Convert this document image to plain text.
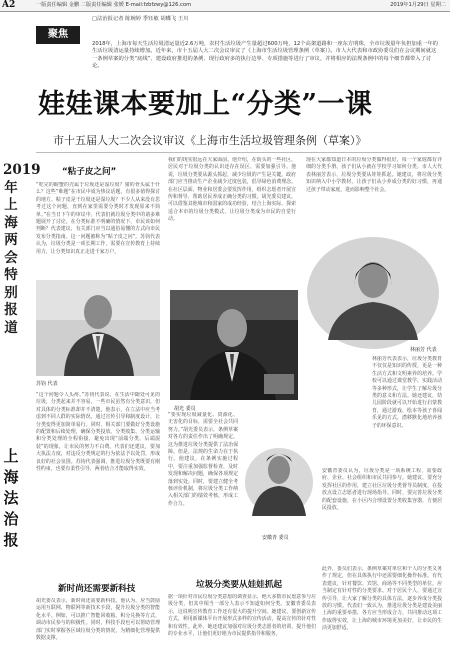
A2	一版责任编辑 金鹏 二版责任编辑 张媛 E-mail:fzbfzwy@126.com	2019年1月29日 星期二
2019年上海两会特别报道
上海法治报
聚焦
□法治报记者 陈婉婷 季钰敏 胡蝶飞 王川
2018年，上海市每天生活垃圾清运量近2.6万吨，农村生活垃圾产生量超过600万吨，12个高架道路和一座东方明珠，全市垃圾量年负担加重一年的生活垃圾清运量持续增加。近年来，市十五届人大二次会议审议了《上海市生活垃圾管理条例（草案）》。市人大代表和市政协委员们在会议期间就这一条例草案的分类“底线”、建设政府推进的条例、现行政府多的执行边界、专项措施等进行了审议，并将相应的法规条例中的每个细节都带入了讨论。
娃娃课本要加上“分类”一课
市十五届人大二次会议审议《上海市生活垃圾管理条例（草案）》
“粘子皮之问”
“吃完的螃蟹的壳属于垃圾还是湿垃圾？猪的骨头属于什么？这些”难题“在市民中成为热议话题，有很多值得探讨的地方。粘子皮是干垃圾还是湿垃圾？不少人从来没有思考过这个问题，直到在家里需要分类时才发现原来不简单。”在当日下午的审议中，代表们就垃圾分类中的诸多难题展开了讨论。在分类标准不明确的情况下，市民该如何判断？代表建议，有关部门应当以通俗易懂的方式向市民发布分类指南。这一问题被称为“粘子皮之问”。苏钧代表认为，垃圾分类是一项长期工作，需要在宣传教育上持续用力，让分类知识真正走进千家万户。
苏钧 代表
“这个问题令人头疼。”苏钧代表说，在生活中随处可见的垃圾，分类起来并不容易，一些市民虽然有分类意识，但对具体的分类标准却并不清楚。他表示，在立法中应当考虑到不同人群的实际情况，通过宣传引导和制度设计，让分类变得更加简单易行。同时，相关部门要做好分类设施的配置和后续处理，确保分类投放、分类收集、分类运输和分类处理的全程衔接，避免出现“前端分类、后端混装”的现象，让市民的努力不白费。代表们还建议，要加大执法力度，对违反分类规定的行为依法予以处罚，形成良好的社会氛围。苏钧代表强调，推进垃圾分类既要有刚性约束，也要有柔性引导，两者结合才能取得实效。
新时尚还需要新科技
胡光委员表示，新时尚还需要新科技。他认为，应当鼓励运用互联网、物联网等新技术手段，提升垃圾分类的智能化水平。例如，可以推广智能回收箱、积分兑换等方式，调动市民参与的积极性。同时，科技手段也可以帮助管理部门实时掌握各区域垃圾分类的情况，为精细化管理提供数据支撑。
我们的现实很远在大家面前。他介绍，在街头的一些社区，居民对于垃圾分类的认识还存在误区，需要加强引导。他说，垃圾分类要从源头抓起，减少垃圾的产生是关键。政府部门应当推动生产企业减少过度包装，倡导绿色消费理念。在社区层面，物业和居委会要发挥作用，组织志愿者开展宣传和督导，帮助居民养成正确分类的习惯。胡光委员建议，可以借鉴其他城市和国家的成功经验，结合上海实际，探索适合本市的垃圾分类模式，让垃圾分类成为市民的自觉行动。
胡光 委员
“要实现垃圾减量化、资源化、无害化的目标，需要全社会共同努力。”胡光委员表示，条例草案对各方的责任作出了明确规定，这为推进垃圾分类提供了法治保障。但是，法规的生命力在于执行。他建议，在条例实施过程中，要注重加强监督检查，及时发现和解决问题，确保各项规定落到实处。同时，要建立健全考核评价机制，将垃圾分类工作纳入相关部门的绩效考核，形成工作合力。
安徽青 委员
垃圾分类要从娃娃抓起
据一项针对市民垃圾分类意愿的调查显示，绝大多数市民愿意参与垃圾分类，但其中相当一部分人表示不知道如何分类。安徽青委员表示，这说明宣传教育工作还有很大的提升空间。她建议，要创新宣传方式，利用新媒体平台开展形式多样的宣传活动，提高宣传的针对性和有效性。此外，她还建议加强对垃圾分类志愿者的培训，提升他们的专业水平，让他们更好地为市民提供指导和服务。
现在大家都知道日本的垃圾分类做得很好，每一个家庭都有详细的分类手册，孩子们从小就在学校学习如何分类。市人大代表林丽芳表示，垃圾分类要从娃娃抓起。她建议，将垃圾分类知识纳入中小学教材，让孩子们从小养成分类的好习惯，再通过孩子带动家庭，进而影响整个社会。
林丽芳 代表
林丽芳代表表示，垃圾分类教育不仅仅是知识的传授，更是一种生活方式和文明素养的培养。学校可以通过课堂教学、实践活动等多种形式，让学生了解垃圾分类的意义和方法。她还建议，幼儿园阶段就可以开始进行启蒙教育，通过游戏、绘本等孩子喜闻乐见的方式，潜移默化地培养孩子的环保意识。
安徽青委员认为，垃圾分类是一项系统工程，需要政府、企业、社会组织和市民共同参与。她建议，要充分发挥社区的作用，建立社区垃圾分类督导员制度，在投放点设立志愿者进行现场指导。同时，要完善垃圾分类的配套设施，在小区内合理设置分类收集容器，方便居民投放。
此外，委员们表示，条例草案对单位和个人的分类义务作了规定，但在具体执行中还需要细化操作标准。有代表建议，针对餐饮、宾馆、商场等不同类型的单位，应当制定有针对性的分类要求。对于居民个人，要通过宣传引导，让大家了解分类的具体方法，逐步养成分类投放的习惯。代表们一致认为，推进垃圾分类是建设美丽上海的重要举措，各方应当形成合力，共同推动这项工作取得实效，让上海的城市环境更加美好，让市民的生活更加舒适。
